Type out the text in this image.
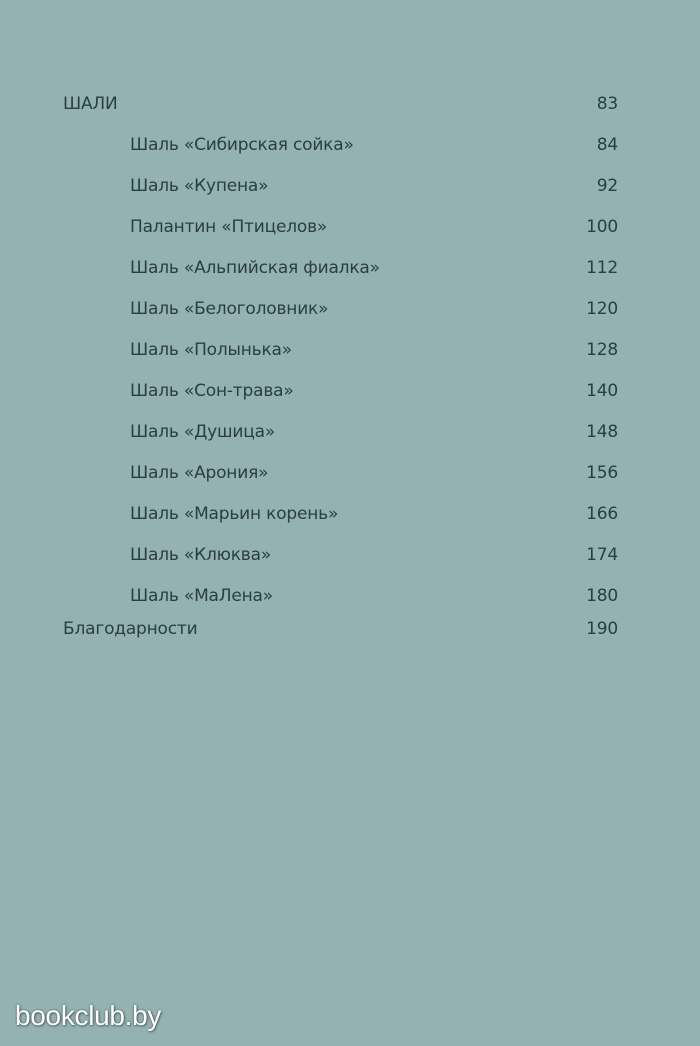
ШАЛИ	83
Шаль «Сибирская сойка»	84
Шаль «Купена»	92
Палантин «Птицелов»	100
Шаль «Альпийская фиалка»	112
Шаль «Белоголовник»	120
Шаль «Полынька»	128
Шаль «Сон-трава»	140
Шаль «Душица»	148
Шаль «Арония»	156
Шаль «Марьин корень»	166
Шаль «Клюква»	174
Шаль «МаЛена»	180
Благодарности	190
bookclub.by
